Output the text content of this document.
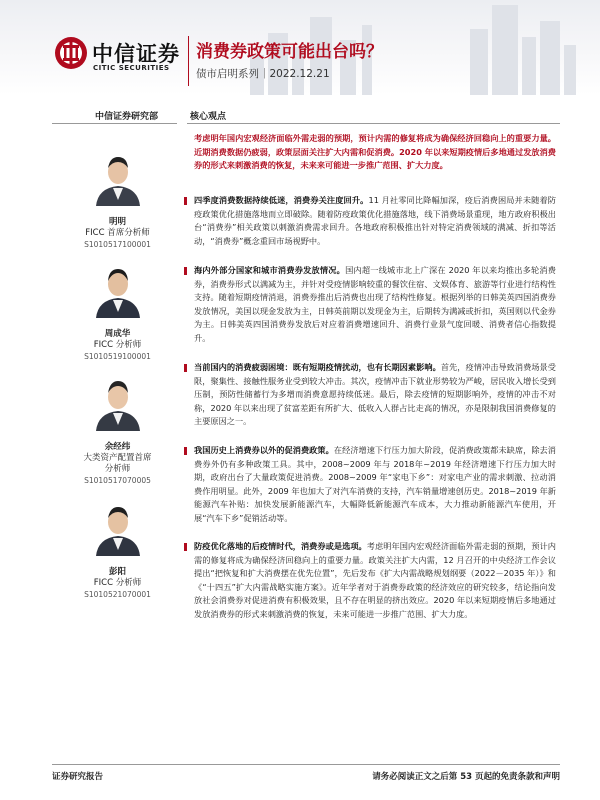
中信证券
CITIC SECURITIES
消费券政策可能出台吗？
债市启明系列｜2022.12.21
中信证券研究部	核心观点
考虑明年国内宏观经济面临外需走弱的预期，预计内需的修复将成为确保经济回稳向上的重要力量。近期消费数据仍疲弱，政策层面关注扩大内需和促消费。2020 年以来短期疫情后多地通过发放消费券的形式来刺激消费的恢复，未来来可能进一步推广范围、扩大力度。
四季度消费数据持续低迷，消费券关注度回升。11 月社零同比降幅加深，疫后消费困局并未随着防疫政策优化措施落地而立即破除。随着防疫政策优化措施落地，线下消费场景重现，地方政府积极出台“消费券”相关政策以刺激消费需求回升。各地政府积极推出针对特定消费领域的满减、折扣等活动，“消费券”概念重回市场视野中。
海内外部分国家和城市消费券发放情况。国内超一线城市北上广深在 2020 年以来均推出多轮消费券，消费券形式以满减为主，并针对受疫情影响较重的餐饮住宿、文娱体育、旅游等行业进行结构性支持。随着短期疫情消退，消费券推出后消费也出现了结构性修复。根据列举的日韩美英四国消费券发放情况，美国以现金发放为主，日韩英前期以发现金为主，后期转为满减或折扣，英国则以代金券为主。日韩美英四国消费券发放后对应着消费增速回升、消费行业景气度回暖、消费者信心指数提升。
当前国内的消费疲弱困境：既有短期疫情扰动，也有长期因素影响。首先，疫情冲击导致消费场景受限，聚集性、接触性服务业受到较大冲击。其次，疫情冲击下就业形势较为严峻，居民收入增长受到压制，预防性储蓄行为多增而消费意愿持续低迷。最后，除去疫情的短期影响外，疫情的冲击不对称，2020 年以来出现了贫富差距有所扩大、低收入人群占比走高的情况，亦是限制我国消费修复的主要原因之一。
我国历史上消费券以外的促消费政策。在经济增速下行压力加大阶段，促消费政策都未缺席，除去消费券外仍有多种政策工具。其中，2008~2009 年与 2018年~2019 年经济增速下行压力加大时期，政府出台了大量政策促进消费。2008~2009 年“家电下乡”：对家电产业的需求刺激、拉动消费作用明显。此外，2009 年也加大了对汽车消费的支持，汽车销量增速创历史。2018~2019 年新能源汽车补贴：加快发展新能源汽车，大幅降低新能源汽车成本，大力推动新能源汽车使用，开展“汽车下乡”促销活动等。
防疫优化落地的后疫情时代，消费券或是选项。考虑明年国内宏观经济面临外需走弱的预期，预计内需的修复将成为确保经济回稳向上的重要力量。政策关注扩大内需，12 月召开的中央经济工作会议提出“把恢复和扩大消费摆在优先位置”，先后发布《扩大内需战略规划纲要（2022－2035 年）》和《“十四五”扩大内需战略实施方案》。近年学者对于消费券政策的经济效应的研究较多，结论指向发放社会消费券对促进消费有积极效果，且不存在明显的挤出效应。2020 年以来短期疫情后多地通过发放消费券的形式来刺激消费的恢复，未来可能进一步推广范围、扩大力度。
明明
FICC 首席分析师
S1010517100001
周成华
FICC 分析师
S1010519100001
余经纬
大类资产配置首席
分析师
S1010517070005
彭阳
FICC 分析师
S1010521070001
证券研究报告	请务必阅读正文之后第 53 页起的免责条款和声明
